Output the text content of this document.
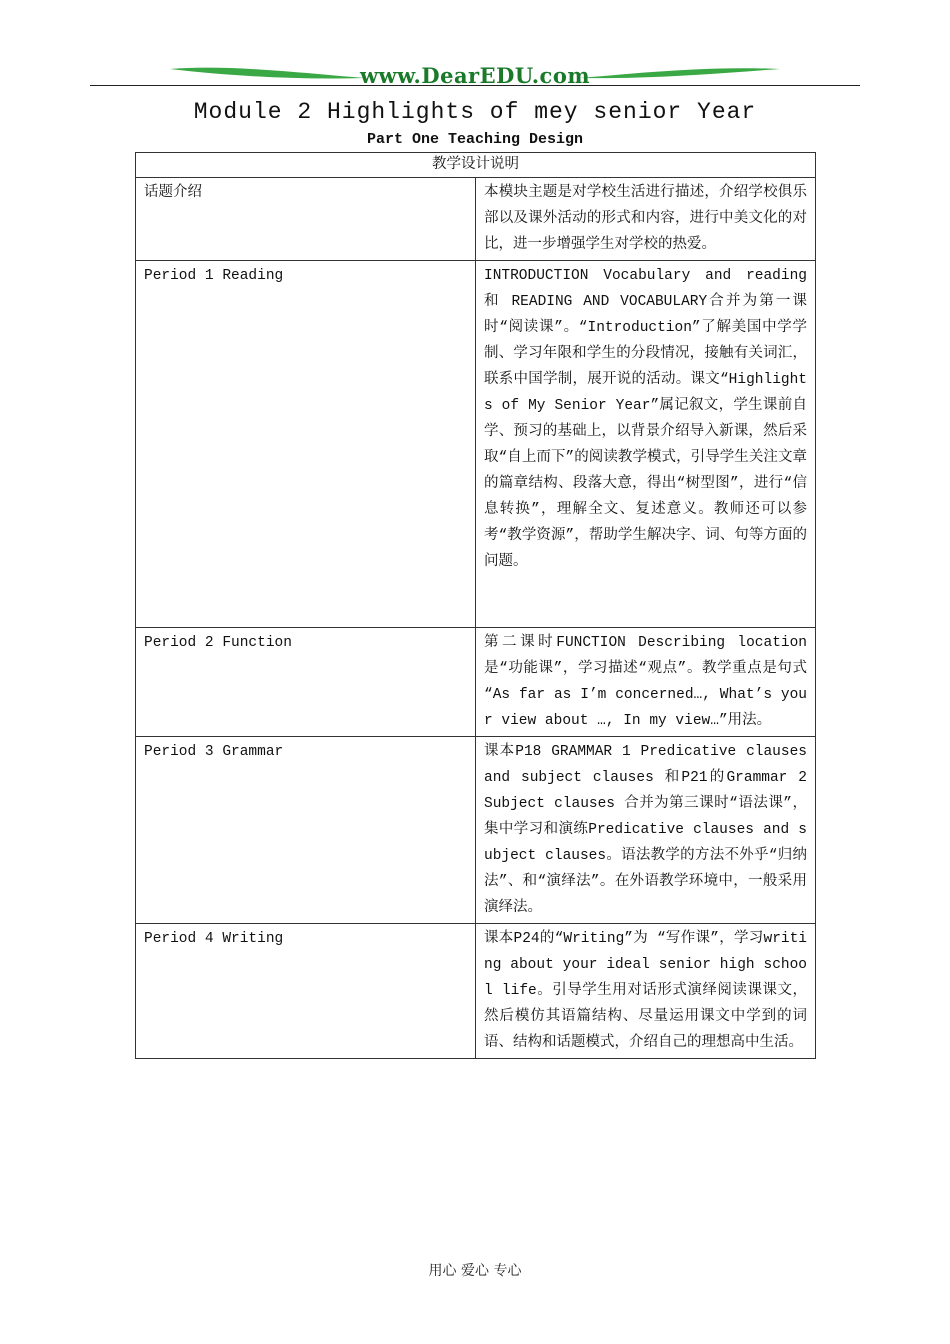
www.DearEDU.com
Module 2 Highlights of mey senior Year
Part One Teaching Design
教学设计说明	
话题介绍	本模块主题是对学校生活进行描述，介绍学校俱乐部以及课外活动的形式和内容，进行中美文化的对比，进一步增强学生对学校的热爱。
Period 1 Reading	INTRODUCTION Vocabulary and reading 和 READING AND VOCABULARY合并为第一课时“阅读课”。“Introduction”了解美国中学学制、学习年限和学生的分段情况，接触有关词汇，联系中国学制，展开说的活动。课文“Highlights of My Senior Year”属记叙文，学生课前自学、预习的基础上，以背景介绍导入新课，然后采取“自上而下”的阅读教学模式，引导学生关注文章的篇章结构、段落大意，得出“树型图”，进行“信息转换”，理解全文、复述意义。教师还可以参考“教学资源”，帮助学生解决字、词、句等方面的问题。
Period 2 Function	第二课时FUNCTION Describing location是“功能课”，学习描述“观点”。教学重点是句式 “As far as I’m concerned…, What’s your view about …, In my view…”用法。
Period 3 Grammar	课本P18 GRAMMAR 1 Predicative clauses and subject clauses 和P21的Grammar 2 Subject clauses 合并为第三课时“语法课”，集中学习和演练Predicative clauses and subject clauses。语法教学的方法不外乎“归纳法”、和“演绎法”。在外语教学环境中，一般采用演绎法。
Period 4 Writing	课本P24的“Writing”为 “写作课”，学习writing about your ideal senior high school life。引导学生用对话形式演绎阅读课课文，然后模仿其语篇结构、尽量运用课文中学到的词语、结构和话题模式，介绍自己的理想高中生活。
用心 爱心 专心
